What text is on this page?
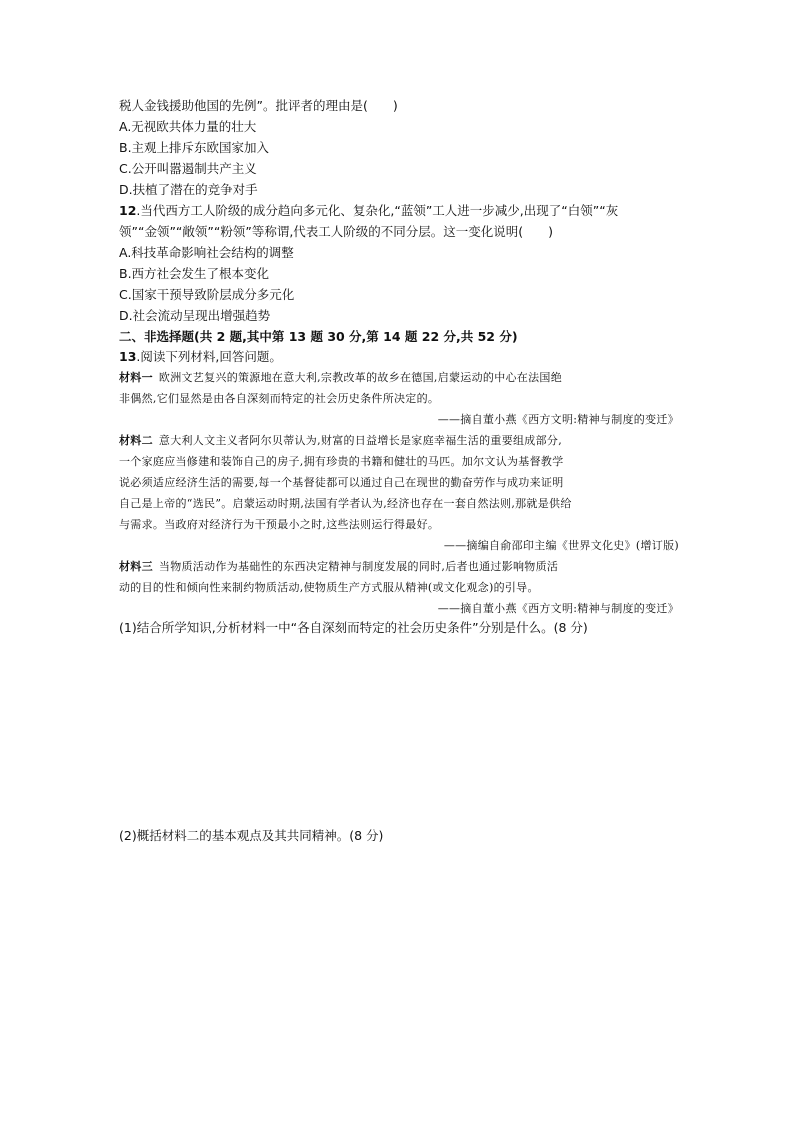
税人金钱援助他国的先例”。批评者的理由是(　　)
A.无视欧共体力量的壮大
B.主观上排斥东欧国家加入
C.公开叫嚣遏制共产主义
D.扶植了潜在的竞争对手
12.当代西方工人阶级的成分趋向多元化、复杂化,“蓝领”工人进一步减少,出现了“白领”“灰
领”“金领”“敞领”“粉领”等称谓,代表工人阶级的不同分层。这一变化说明(　　)
A.科技革命影响社会结构的调整
B.西方社会发生了根本变化
C.国家干预导致阶层成分多元化
D.社会流动呈现出增强趋势
二、非选择题(共 2 题,其中第 13 题 30 分,第 14 题 22 分,共 52 分)
13.阅读下列材料,回答问题。
材料一 欧洲文艺复兴的策源地在意大利,宗教改革的故乡在德国,启蒙运动的中心在法国绝
非偶然,它们显然是由各自深刻而特定的社会历史条件所决定的。
——摘自董小燕《西方文明:精神与制度的变迁》
材料二 意大利人文主义者阿尔贝蒂认为,财富的日益增长是家庭幸福生活的重要组成部分,
一个家庭应当修建和装饰自己的房子,拥有珍贵的书籍和健壮的马匹。加尔文认为基督教学
说必须适应经济生活的需要,每一个基督徒都可以通过自己在现世的勤奋劳作与成功来证明
自己是上帝的“选民”。启蒙运动时期,法国有学者认为,经济也存在一套自然法则,那就是供给
与需求。当政府对经济行为干预最小之时,这些法则运行得最好。
——摘编自俞邵印主编《世界文化史》(增订版)
材料三 当物质活动作为基础性的东西决定精神与制度发展的同时,后者也通过影响物质活
动的目的性和倾向性来制约物质活动,使物质生产方式服从精神(或文化观念)的引导。
——摘自董小燕《西方文明:精神与制度的变迁》
(1)结合所学知识,分析材料一中“各自深刻而特定的社会历史条件”分别是什么。(8 分)
(2)概括材料二的基本观点及其共同精神。(8 分)
